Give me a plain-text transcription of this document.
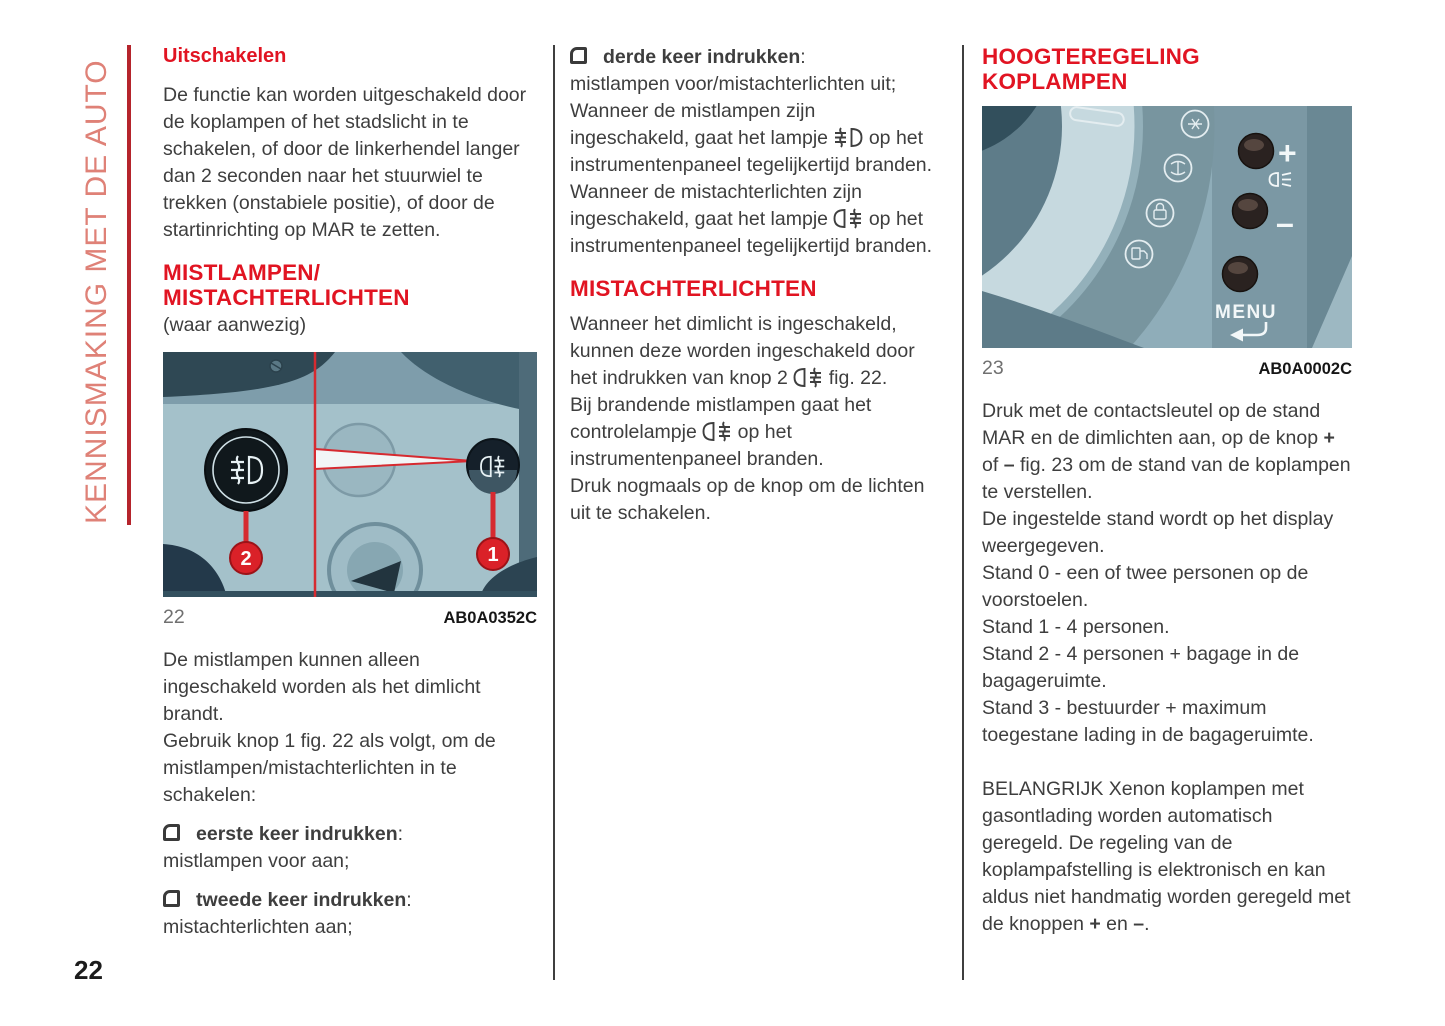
KENNISMAKING MET DE AUTO

Uitschakelen

De functie kan worden uitgeschakeld door de koplampen of het stadslicht in te schakelen, of door de linkerhendel langer dan 2 seconden naar het stuurwiel te trekken (onstabiele positie), of door de startinrichting op MAR te zetten.

MISTLAMPEN/
MISTACHTERLICHTEN

(waar aanwezig)

2	1
22	AB0A0352C

De mistlampen kunnen alleen ingeschakeld worden als het dimlicht brandt.

Gebruik knop 1 fig. 22 als volgt, om de mistlampen/mistachterlichten in te schakelen:

eerste keer indrukken:

mistlampen voor aan;

tweede keer indrukken:

mistachterlichten aan;

derde keer indrukken:

mistlampen voor/mistachterlichten uit;

Wanneer de mistlampen zijn ingeschakeld, gaat het lampje
op het instrumentenpaneel tegelijkertijd branden.

Wanneer de mistachterlichten zijn ingeschakeld, gaat het lampje
op het instrumentenpaneel tegelijkertijd branden.

MISTACHTERLICHTEN

Wanneer het dimlicht is ingeschakeld, kunnen deze worden ingeschakeld door het indrukken van knop 2
fig. 22.

Bij brandende mistlampen gaat het controlelampje
op het instrumentenpaneel branden.

Druk nogmaals op de knop om de lichten uit te schakelen.

HOOGTEREGELING
KOPLAMPEN

+
–
MENU
23	AB0A0002C

Druk met de contactsleutel op de stand MAR en de dimlichten aan, op de knop + of – fig. 23 om de stand van de koplampen te verstellen.

De ingestelde stand wordt op het display weergegeven.

Stand 0 - een of twee personen op de voorstoelen.

Stand 1 - 4 personen.

Stand 2 - 4 personen + bagage in de bagageruimte.

Stand 3 - bestuurder + maximum toegestane lading in de bagageruimte.

BELANGRIJK Xenon koplampen met gasontlading worden automatisch geregeld. De regeling van de koplampafstelling is elektronisch en kan aldus niet handmatig worden geregeld met de knoppen + en –.

22
